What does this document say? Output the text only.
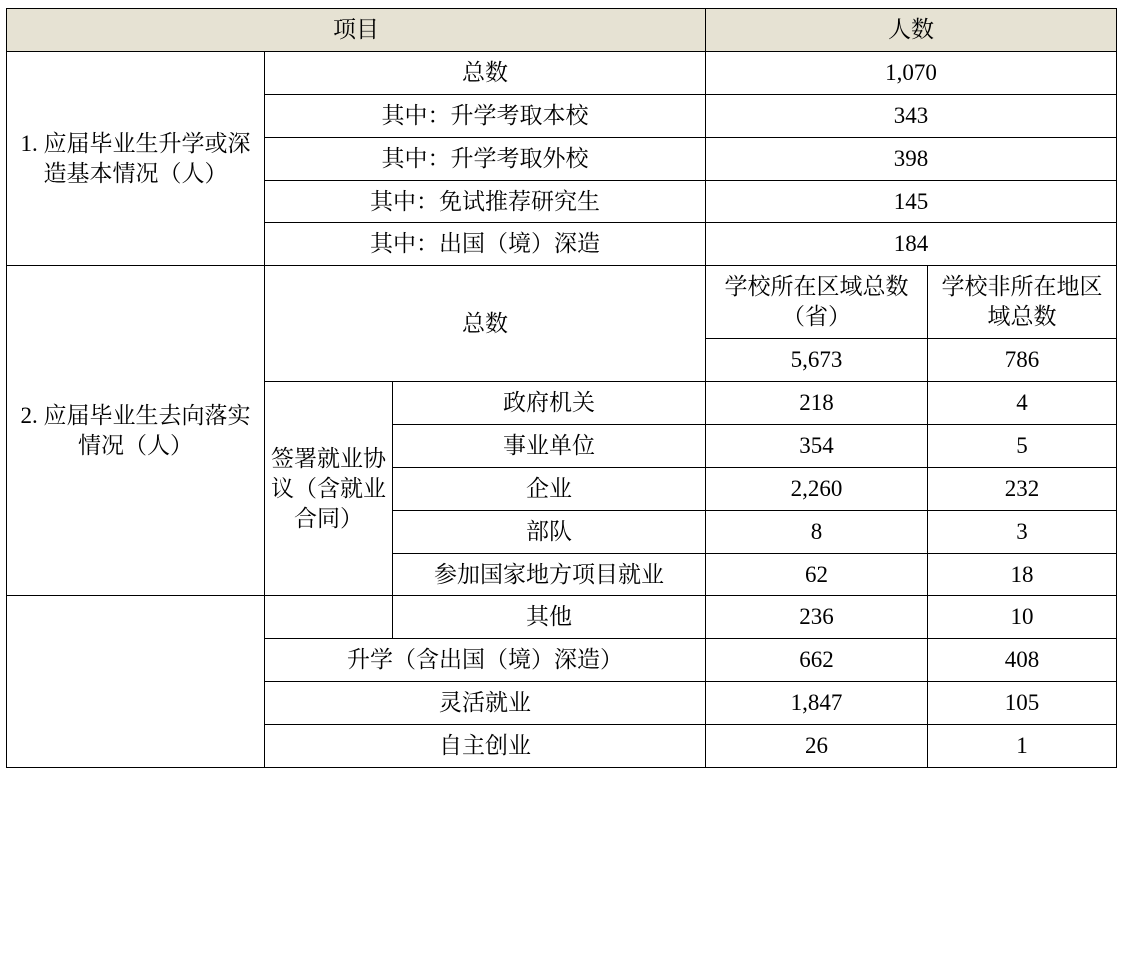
项目			人数	
1. 应届毕业生升学或深造基本情况（人）	总数		1,070	
	其中：升学考取本校		343	
	其中：升学考取外校		398	
	其中：免试推荐研究生		145	
	其中：出国（境）深造		184	
2. 应届毕业生去向落实情况（人）	总数		学校所在区域总数（省）	学校非所在地区域总数
			5,673	786
	签署就业协议（含就业合同）	政府机关	218	4
		事业单位	354	5
		企业	2,260	232
		部队	8	3
		参加国家地方项目就业	62	18
		其他	236	10
	升学（含出国（境）深造）		662	408
	灵活就业		1,847	105
	自主创业		26	1
